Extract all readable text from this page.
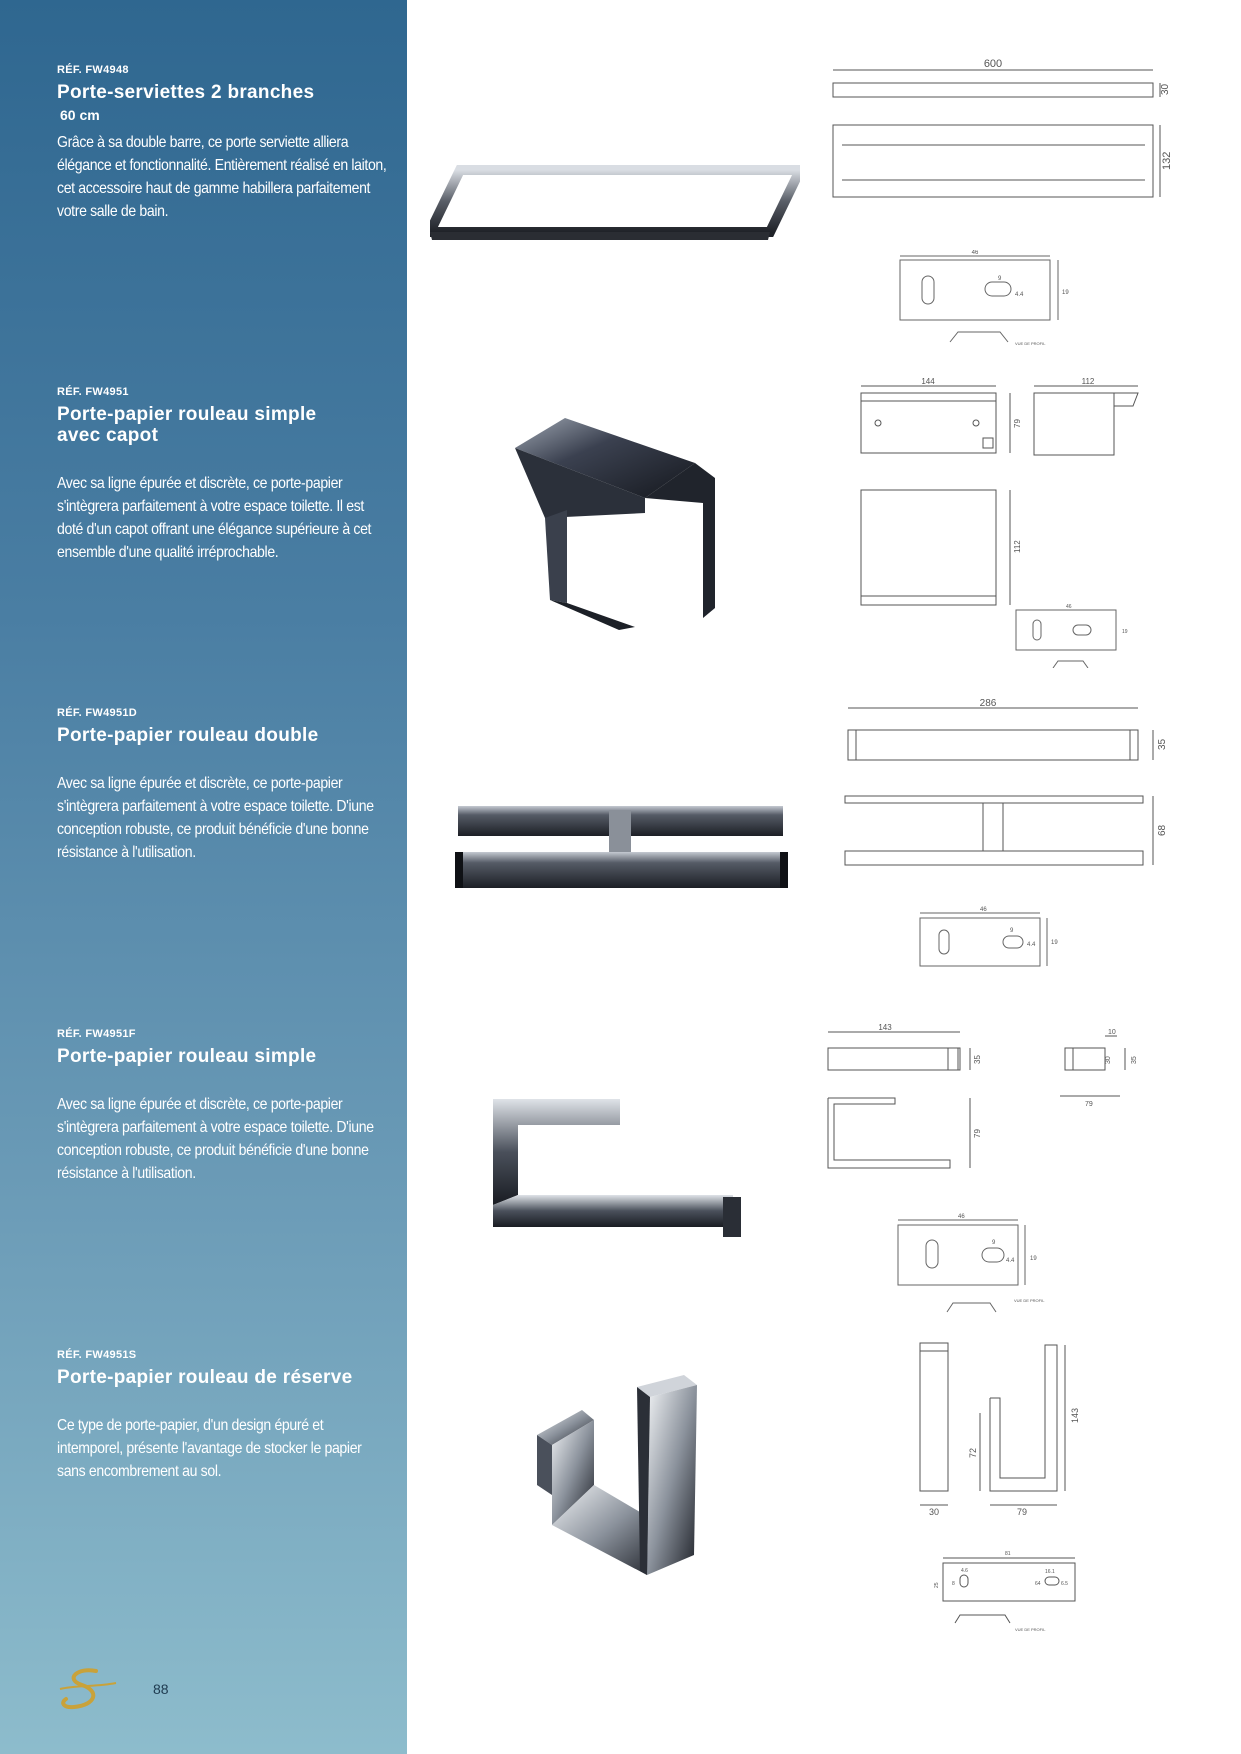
RÉF. FW4948
Porte-serviettes 2 branches
60 cm
Grâce à sa double barre, ce porte serviette alliera élégance et fonctionnalité. Entièrement réalisé en laiton, cet accessoire haut de gamme habillera parfaitement votre salle de bain.
RÉF. FW4951
Porte-papier rouleau simple avec capot
Avec sa ligne épurée et discrète, ce porte-papier s'intègrera parfaitement à votre espace toilette. Il est doté d'un capot offrant une élégance supérieure à cet ensemble d'une qualité irréprochable.
RÉF. FW4951D
Porte-papier rouleau double
Avec sa ligne épurée et discrète, ce porte-papier s'intègrera parfaitement à votre espace toilette. D'iune conception robuste, ce produit bénéficie d'une bonne résistance à l'utilisation.
RÉF. FW4951F
Porte-papier rouleau simple
Avec sa ligne épurée et discrète, ce porte-papier s'intègrera parfaitement à votre espace toilette. D'iune conception robuste, ce produit bénéficie d'une bonne résistance à l'utilisation.
RÉF. FW4951S
Porte-papier rouleau de réserve
Ce type de porte-papier, d'un design épuré et intemporel, présente l'avantage de stocker le papier sans encombrement au sol.
88
600
30
132
46
9
4.4	19
VUE DE PROFIL
144	112
79
112
46
19
286
35
68
46
9
4.4	19
143
35
10
30	35
79
79
46
9
4.4	19
VUE DE PROFIL
72
143
30	79
81
4.6	16.1
25 8	6.5
64
VUE DE PROFIL
